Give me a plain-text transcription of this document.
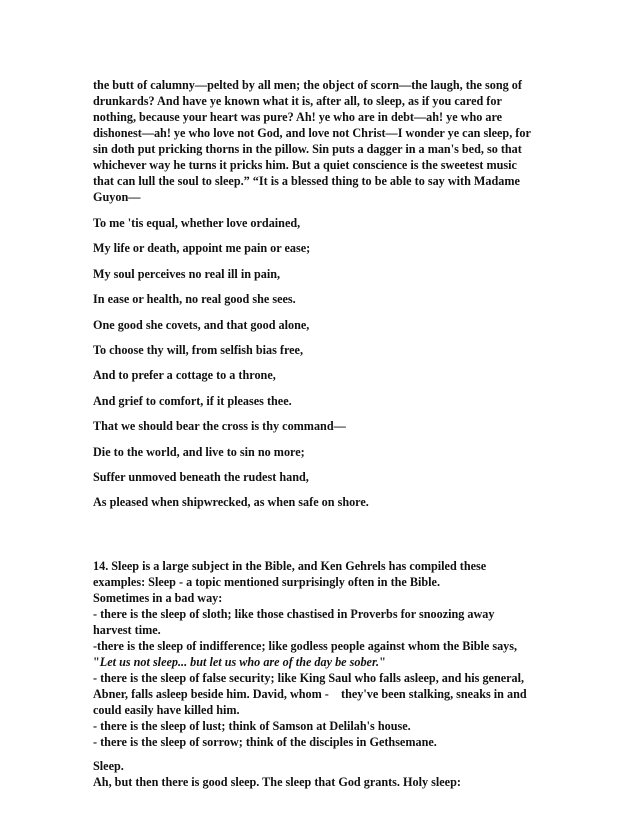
the butt of calumny—pelted by all men; the object of scorn—the laugh, the song of
drunkards? And have ye known what it is, after all, to sleep, as if you cared for
nothing, because your heart was pure? Ah! ye who are in debt—ah! ye who are
dishonest—ah! ye who love not God, and love not Christ—I wonder ye can sleep, for
sin doth put pricking thorns in the pillow. Sin puts a dagger in a man's bed, so that
whichever way he turns it pricks him. But a quiet conscience is the sweetest music
that can lull the soul to sleep.” “It is a blessed thing to be able to say with Madame
Guyon—

To me 'tis equal, whether love ordained,

My life or death, appoint me pain or ease;

My soul perceives no real ill in pain,

In ease or health, no real good she sees.

One good she covets, and that good alone,

To choose thy will, from selfish bias free,

And to prefer a cottage to a throne,

And grief to comfort, if it pleases thee.

That we should bear the cross is thy command—

Die to the world, and live to sin no more;

Suffer unmoved beneath the rudest hand,

As pleased when shipwrecked, as when safe on shore.

14. Sleep is a large subject in the Bible, and Ken Gehrels has compiled these
examples: Sleep - a topic mentioned surprisingly often in the Bible.
Sometimes in a bad way:
- there is the sleep of sloth; like those chastised in Proverbs for snoozing away
harvest time.
-there is the sleep of indifference; like godless people against whom the Bible says,
"Let us not sleep... but let us who are of the day be sober."
- there is the sleep of false security; like King Saul who falls asleep, and his general,
Abner, falls asleep beside him. David, whom -    they've been stalking, sneaks in and
could easily have killed him.
- there is the sleep of lust; think of Samson at Delilah's house.
- there is the sleep of sorrow; think of the disciples in Gethsemane.
Sleep.
Ah, but then there is good sleep. The sleep that God grants. Holy sleep:
